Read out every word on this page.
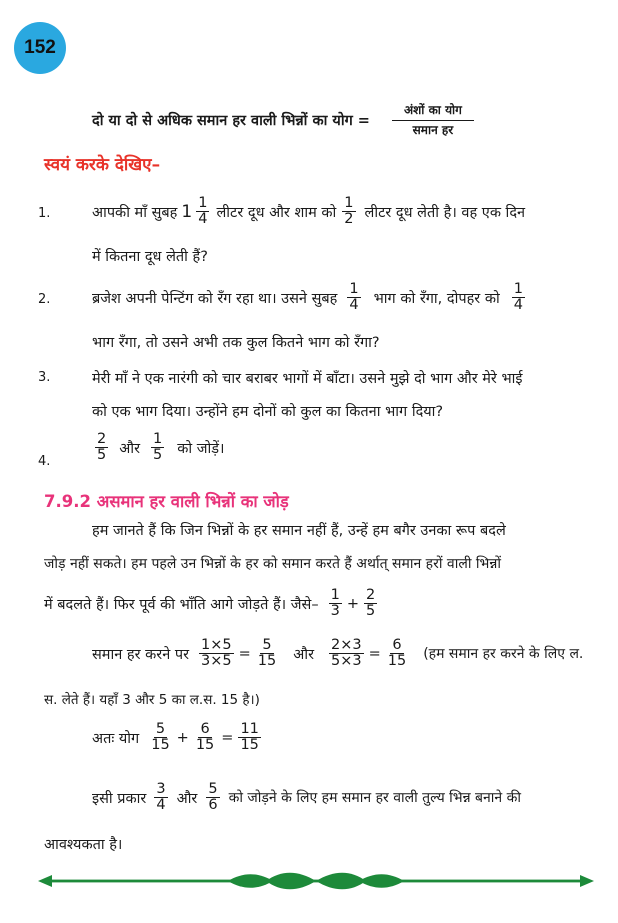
152
दो या दो से अधिक समान हर वाली भिन्नों का योग = $\frac{\text{अंशों का योग}}{\text{समान हर}}$
स्वयं करके देखिए–
1.	आपकी माँ सुबह $1 \frac{1}{4}$ लीटर दूध और शाम को $\frac{1}{2}$ लीटर दूध लेती है। वह एक दिन
में कितना दूध लेती हैं?
2.	ब्रजेश अपनी पेन्टिंग को रँग रहा था। उसने सुबह $\frac{1}{4}$ भाग को रँगा, दोपहर को $\frac{1}{4}$
भाग रँगा, तो उसने अभी तक कुल कितने भाग को रँगा?
3.	मेरी माँ ने एक नारंगी को चार बराबर भागों में बाँटा। उसने मुझे दो भाग और मेरे भाई
को एक भाग दिया। उन्होंने हम दोनों को कुल का कितना भाग दिया?
4.	$\frac{2}{5}$ और $\frac{1}{5}$ को जोड़ें।
7.9.2 असमान हर वाली भिन्नों का जोड़
हम जानते हैं कि जिन भिन्नों के हर समान नहीं हैं, उन्हें हम बगैर उनका रूप बदले
जोड़ नहीं सकते। हम पहले उन भिन्नों के हर को समान करते हैं अर्थात् समान हरों वाली भिन्नों
में बदलते हैं। फिर पूर्व की भाँति आगे जोड़ते हैं। जैसे– $\frac{1}{3} + \frac{2}{5}$
समान हर करने पर $\frac{1\times 5}{3\times 5} = \frac{5}{15}$ और $\frac{2\times 3}{5\times 3} = \frac{6}{15}$ (हम समान हर करने के लिए ल.
स. लेते हैं। यहाँ 3 और 5 का ल.स. 15 है।)
अतः योग $\frac{5}{15} + \frac{6}{15} = \frac{11}{15}$
इसी प्रकार $\frac{3}{4}$ और $\frac{5}{6}$ को जोड़ने के लिए हम समान हर वाली तुल्य भिन्न बनाने की
आवश्यकता है।
